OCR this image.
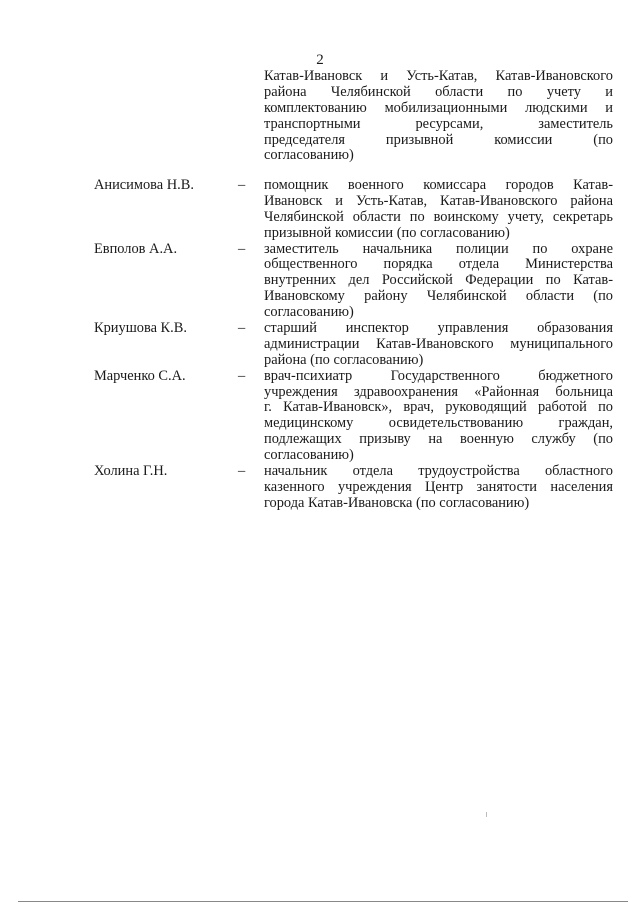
2
Катав-Ивановск и Усть-Катав, Катав-Ивановского
района Челябинской области по учету и
комплектованию мобилизационными людскими и
транспортными ресурсами, заместитель
председателя призывной комиссии (по
согласованию)
Анисимова Н.В.	– помощник военного комиссара городов Катав-
Ивановск и Усть-Катав, Катав-Ивановского района
Челябинской области по воинскому учету, секретарь
призывной комиссии (по согласованию)
Евполов А.А.	– заместитель начальника полиции по охране
общественного порядка отдела Министерства
внутренних дел Российской Федерации по Катав-
Ивановскому району Челябинской области (по
согласованию)
Криушова К.В.	– старший инспектор управления образования
администрации Катав-Ивановского муниципального
района (по согласованию)
Марченко С.А.	– врач-психиатр Государственного бюджетного
учреждения здравоохранения «Районная больница
г. Катав-Ивановск», врач, руководящий работой по
медицинскому освидетельствованию граждан,
подлежащих призыву на военную службу (по
согласованию)
Холина Г.Н.	– начальник отдела трудоустройства областного
казенного учреждения Центр занятости населения
города Катав-Ивановска (по согласованию)
